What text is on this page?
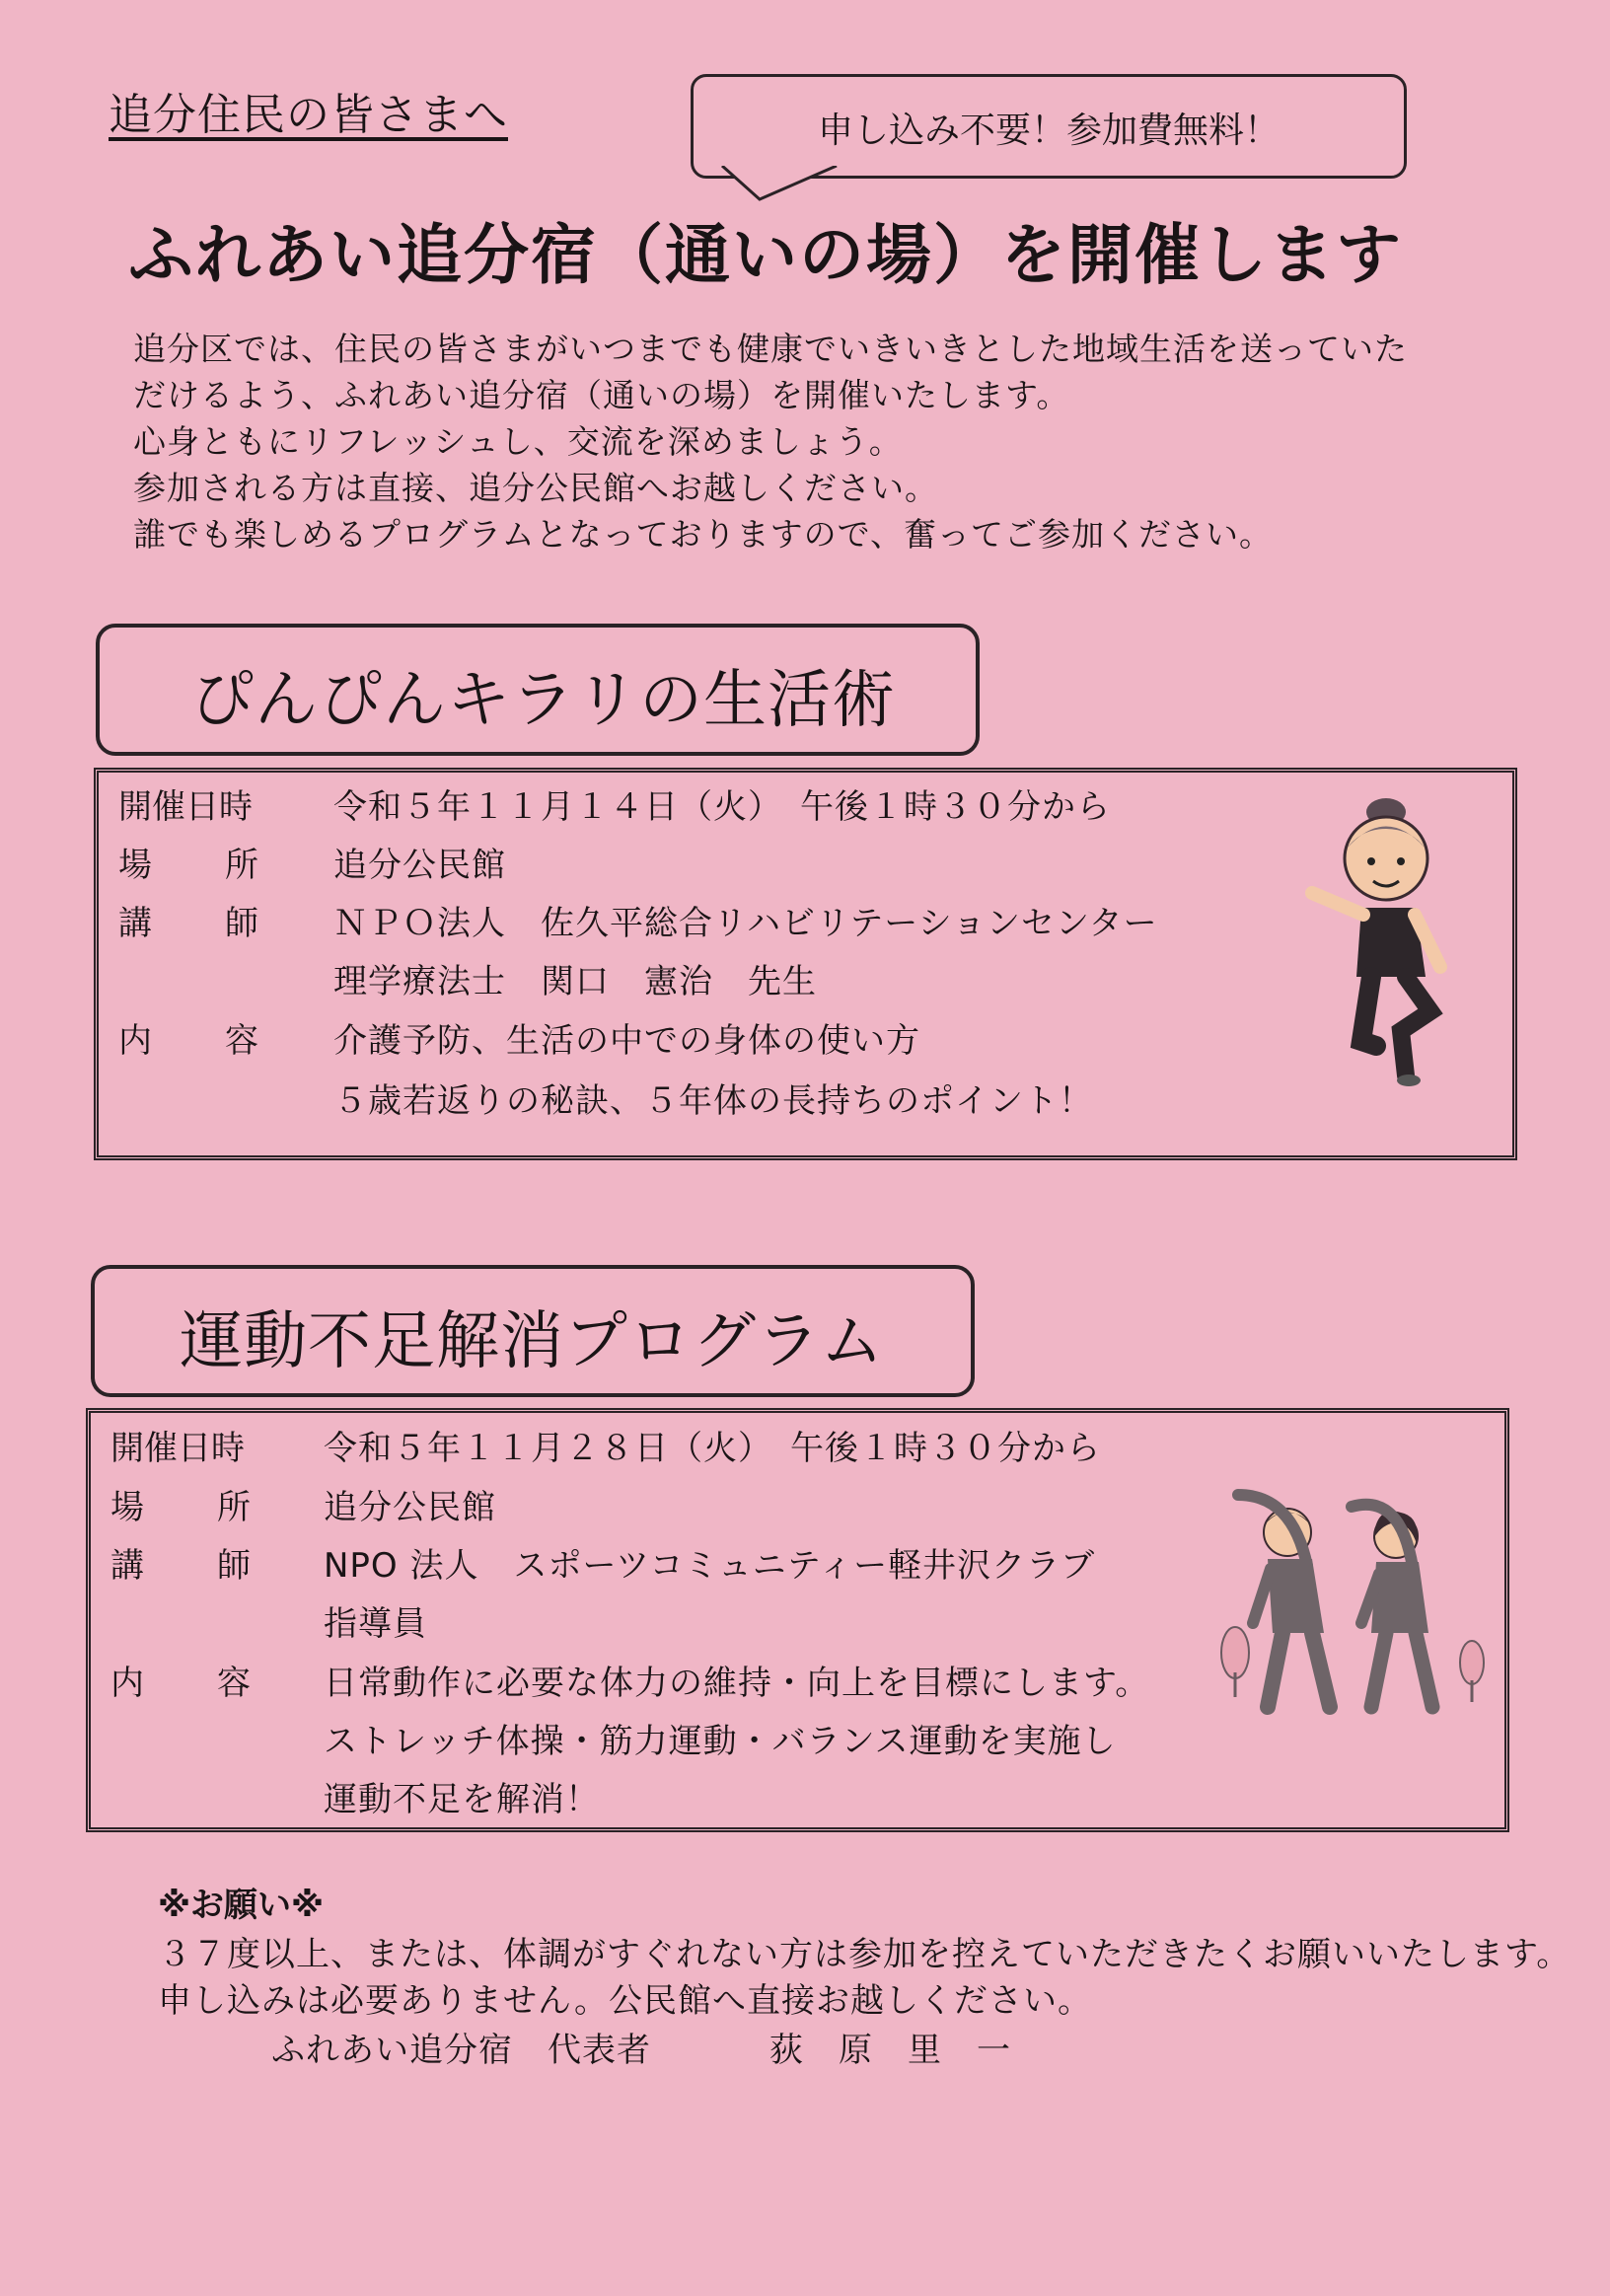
追分住民の皆さまへ	申し込み不要！参加費無料！
ふれあい追分宿（通いの場）を開催します
追分区では、住民の皆さまがいつまでも健康でいきいきとした地域生活を送っていた
だけるよう、ふれあい追分宿（通いの場）を開催いたします。
心身ともにリフレッシュし、交流を深めましょう。
参加される方は直接、追分公民館へお越しください。
誰でも楽しめるプログラムとなっておりますので、奮ってご参加ください。
ぴんぴんキラリの生活術
開催日時 令和５年１１月１４日（火）　午後１時３０分から
場 所 追分公民館
講 師 ＮＰＯ法人　佐久平総合リハビリテーションセンター
理学療法士　関口　憲治　先生
内 容 介護予防、生活の中での身体の使い方
５歳若返りの秘訣、５年体の長持ちのポイント！
運動不足解消プログラム
開催日時 令和５年１１月２８日（火）　午後１時３０分から
場 所 追分公民館
講 師 NPO 法人　スポーツコミュニティー軽井沢クラブ
指導員
内 容 日常動作に必要な体力の維持・向上を目標にします。
ストレッチ体操・筋力運動・バランス運動を実施し
運動不足を解消！
※お願い※
３７度以上、または、体調がすぐれない方は参加を控えていただきたくお願いいたします。
申し込みは必要ありません。公民館へ直接お越しください。
ふれあい追分宿　代表者	荻　原　里　一
